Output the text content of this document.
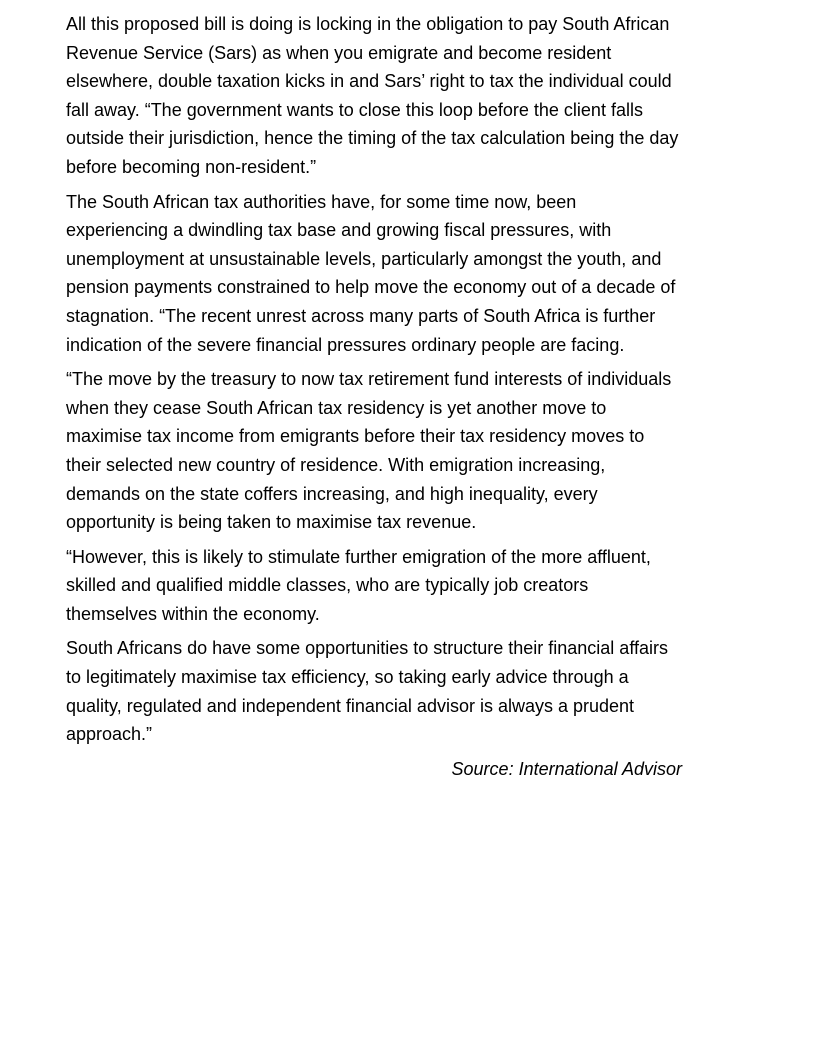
All this proposed bill is doing is locking in the obligation to pay South African Revenue Service (Sars) as when you emigrate and become resident elsewhere, double taxation kicks in and Sars’ right to tax the individual could fall away. “The government wants to close this loop before the client falls outside their jurisdiction, hence the timing of the tax calculation being the day before becoming non-resident.”

The South African tax authorities have, for some time now, been experiencing a dwindling tax base and growing fiscal pressures, with unemployment at unsustainable levels, particularly amongst the youth, and pension payments constrained to help move the economy out of a decade of stagnation. “The recent unrest across many parts of South Africa is further indication of the severe financial pressures ordinary people are facing.

“The move by the treasury to now tax retirement fund interests of individuals when they cease South African tax residency is yet another move to maximise tax income from emigrants before their tax residency moves to their selected new country of residence. With emigration increasing, demands on the state coffers increasing, and high inequality, every opportunity is being taken to maximise tax revenue.

“However, this is likely to stimulate further emigration of the more affluent, skilled and qualified middle classes, who are typically job creators themselves within the economy.

South Africans do have some opportunities to structure their financial affairs to legitimately maximise tax efficiency, so taking early advice through a quality, regulated and independent financial advisor is always a prudent approach.”

Source: International Advisor
